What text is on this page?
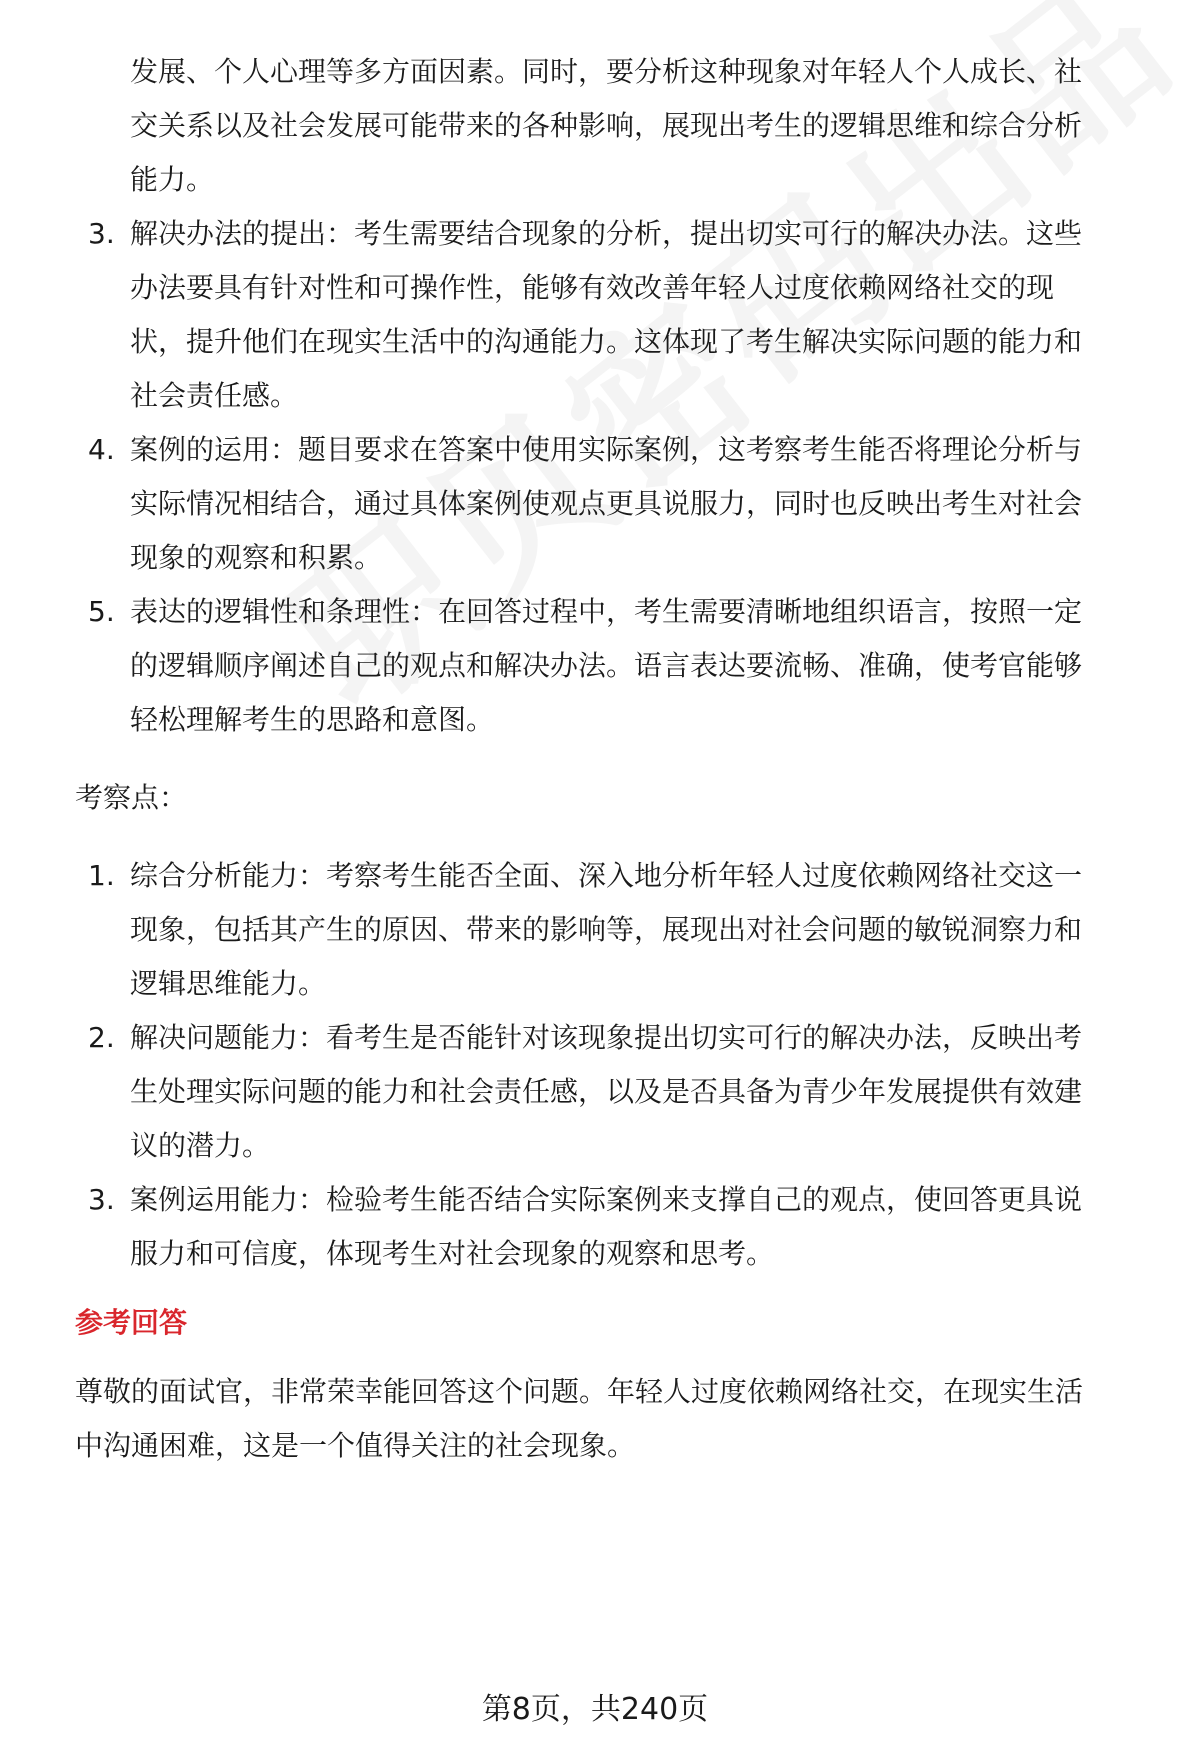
发展、个人心理等多方面因素。同时，要分析这种现象对年轻人个人成长、社
交关系以及社会发展可能带来的各种影响，展现出考生的逻辑思维和综合分析
能力。
3. 解决办法的提出：考生需要结合现象的分析，提出切实可行的解决办法。这些
办法要具有针对性和可操作性，能够有效改善年轻人过度依赖网络社交的现
状，提升他们在现实生活中的沟通能力。这体现了考生解决实际问题的能力和
社会责任感。
4. 案例的运用：题目要求在答案中使用实际案例，这考察考生能否将理论分析与
实际情况相结合，通过具体案例使观点更具说服力，同时也反映出考生对社会
现象的观察和积累。
5. 表达的逻辑性和条理性：在回答过程中，考生需要清晰地组织语言，按照一定
的逻辑顺序阐述自己的观点和解决办法。语言表达要流畅、准确，使考官能够
轻松理解考生的思路和意图。
考察点：
1. 综合分析能力：考察考生能否全面、深入地分析年轻人过度依赖网络社交这一
现象，包括其产生的原因、带来的影响等，展现出对社会问题的敏锐洞察力和
逻辑思维能力。
2. 解决问题能力：看考生是否能针对该现象提出切实可行的解决办法，反映出考
生处理实际问题的能力和社会责任感，以及是否具备为青少年发展提供有效建
议的潜力。
3. 案例运用能力：检验考生能否结合实际案例来支撑自己的观点，使回答更具说
服力和可信度，体现考生对社会现象的观察和思考。
参考回答
尊敬的面试官，非常荣幸能回答这个问题。年轻人过度依赖网络社交，在现实生活
中沟通困难，这是一个值得关注的社会现象。
第8页，共240页
